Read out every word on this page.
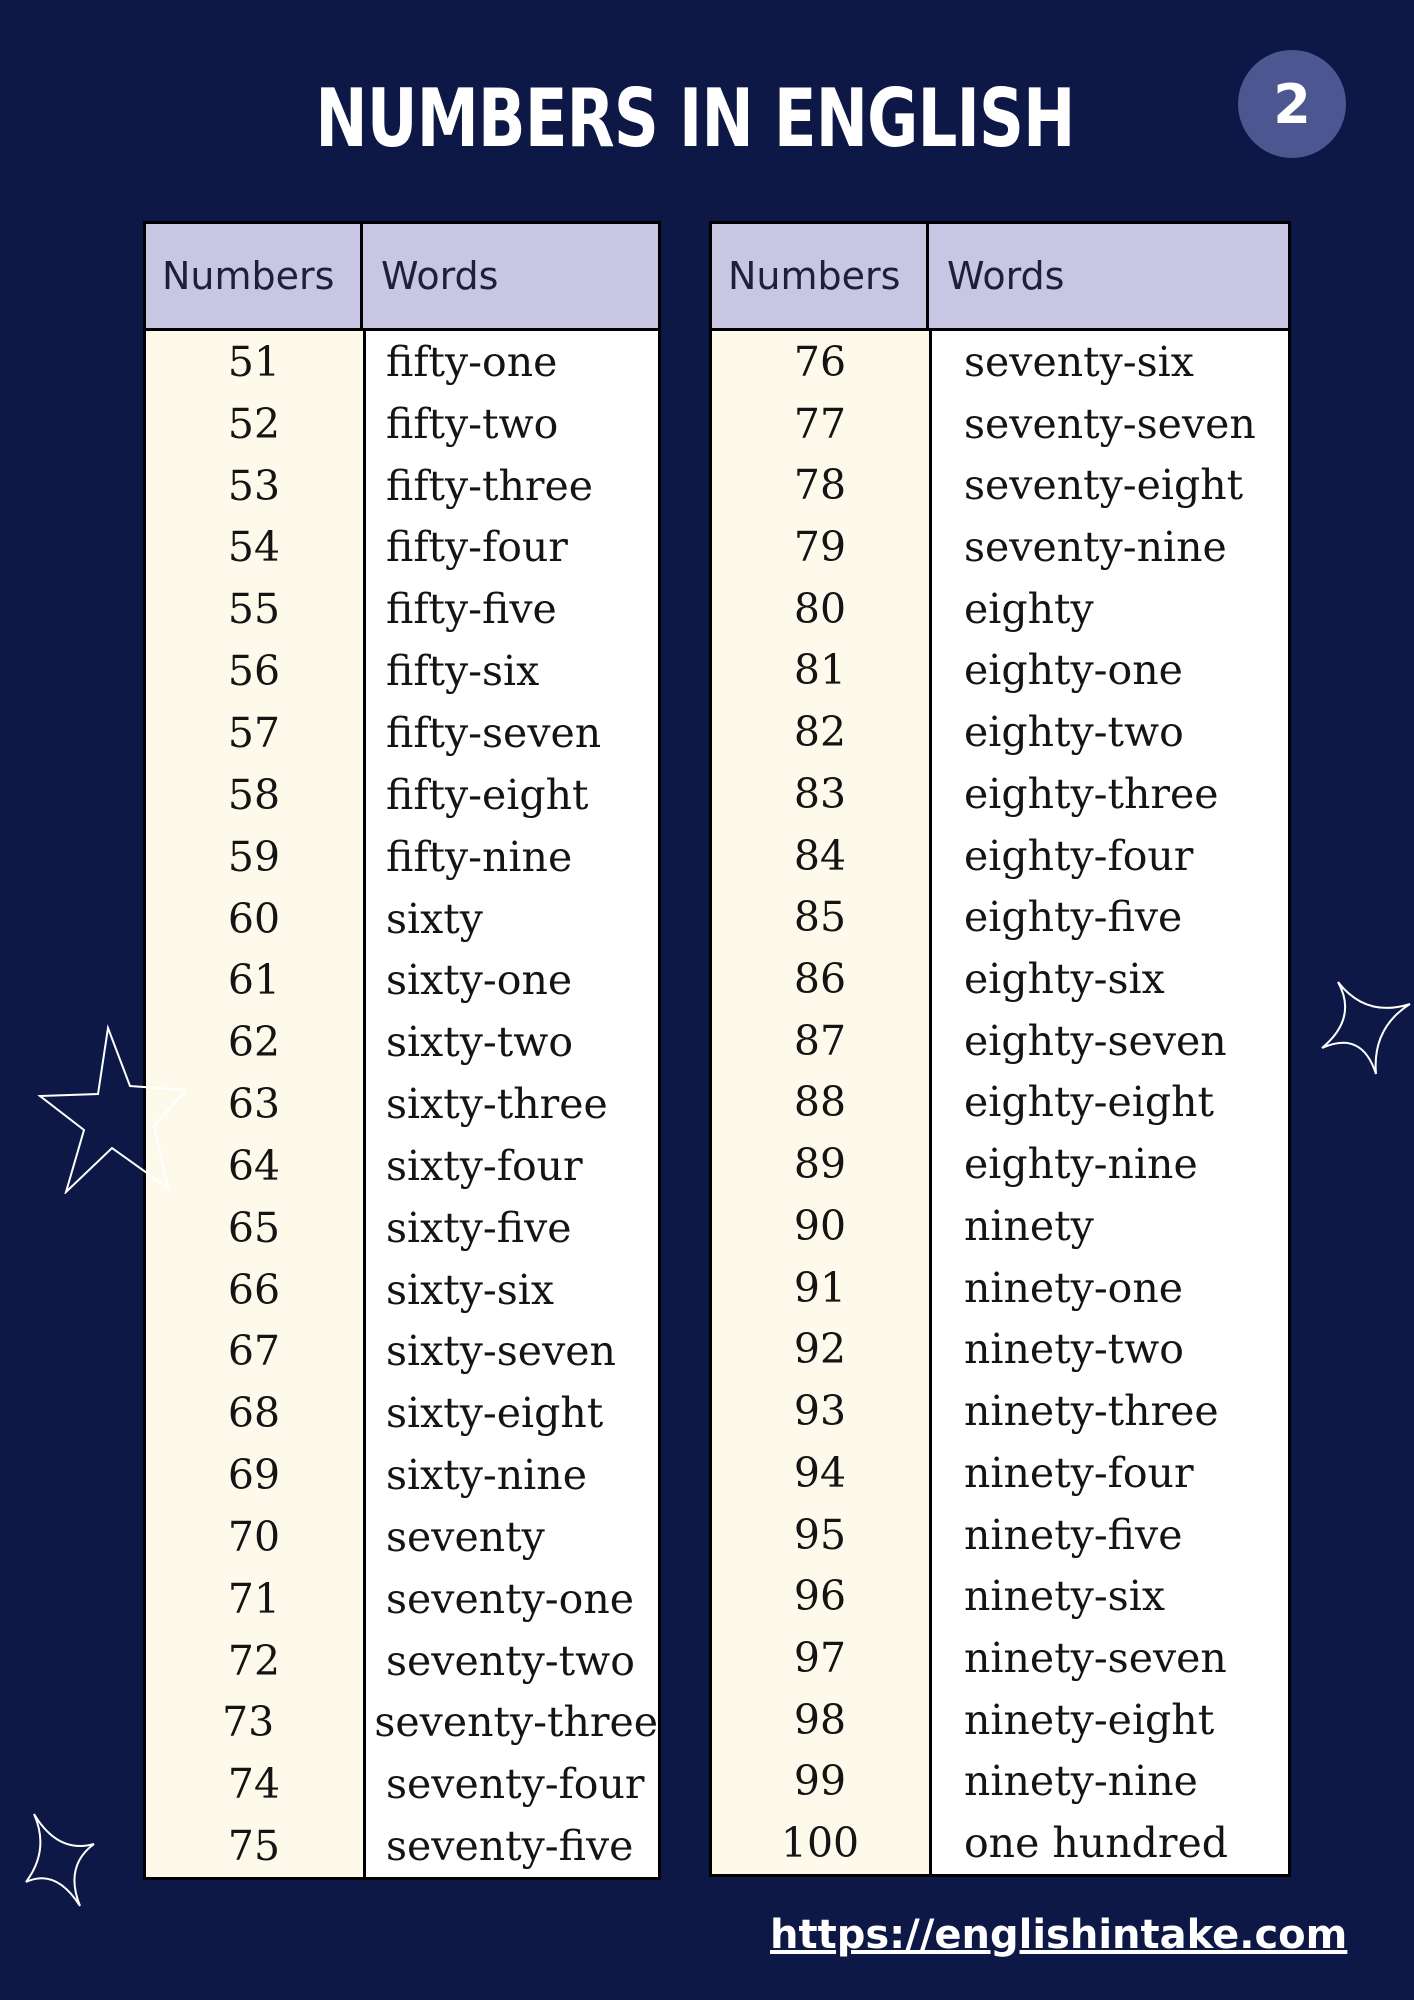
NUMBERS IN ENGLISH	2
Numbers	Words
51	fifty-one
52	fifty-two
53	fifty-three
54	fifty-four
55	fifty-five
56	fifty-six
57	fifty-seven
58	fifty-eight
59	fifty-nine
60	sixty
61	sixty-one
62	sixty-two
63	sixty-three
64	sixty-four
65	sixty-five
66	sixty-six
67	sixty-seven
68	sixty-eight
69	sixty-nine
70	seventy
71	seventy-one
72	seventy-two
73	seventy-three
74	seventy-four
75	seventy-five
Numbers	Words
76	seventy-six
77	seventy-seven
78	seventy-eight
79	seventy-nine
80	eighty
81	eighty-one
82	eighty-two
83	eighty-three
84	eighty-four
85	eighty-five
86	eighty-six
87	eighty-seven
88	eighty-eight
89	eighty-nine
90	ninety
91	ninety-one
92	ninety-two
93	ninety-three
94	ninety-four
95	ninety-five
96	ninety-six
97	ninety-seven
98	ninety-eight
99	ninety-nine
100	one hundred
https://englishintake.com
